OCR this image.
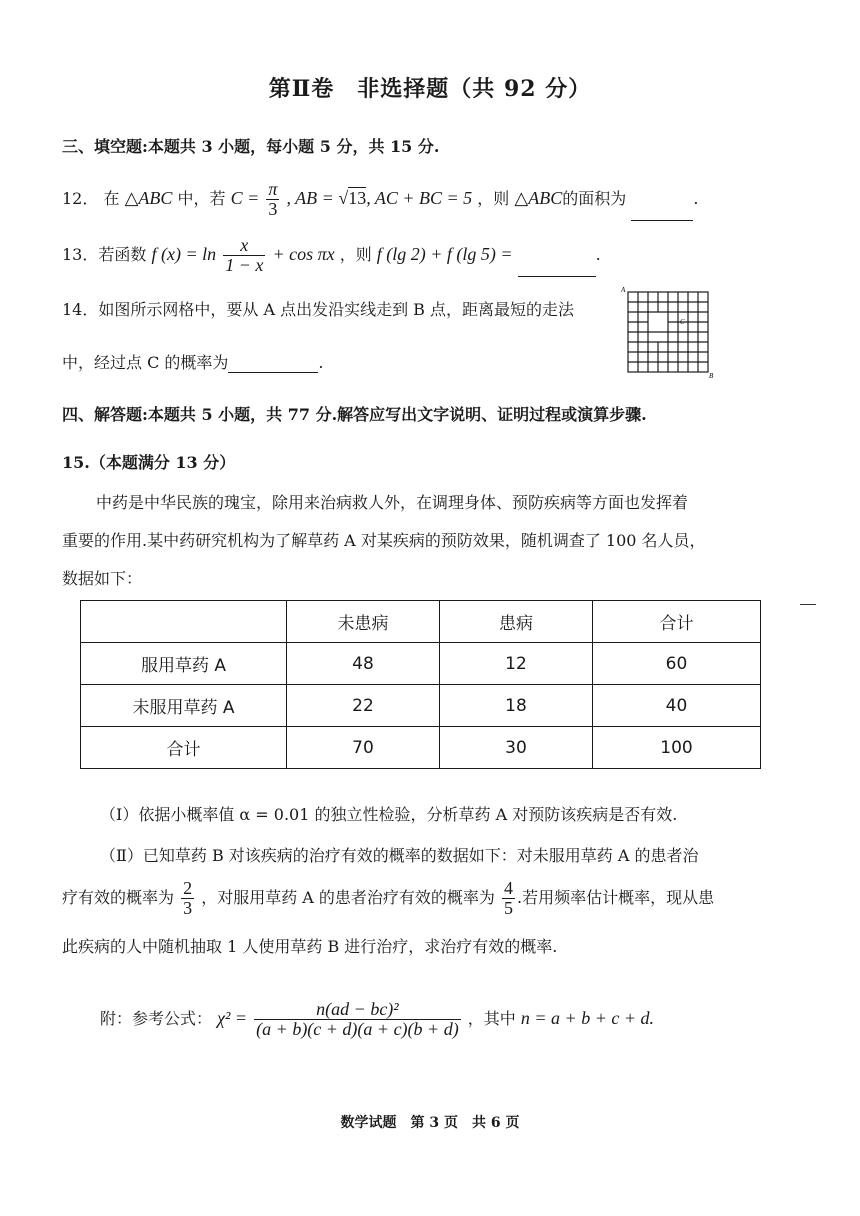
第Ⅱ卷　非选择题（共 92 分）
三、填空题:本题共 3 小题，每小题 5 分，共 15 分.
12． 在 △ABC 中，若 $C = \frac{\pi}{3}$ , AB = √13, AC + BC = 5 ，则 △ABC的面积为	.
13．若函数 f $(x) = \ln \frac{x}{1 - x} + \cos \pi x$ ，则 f (lg 2) + f (lg 5) =	.
14．如图所示网格中，要从 A 点出发沿实线走到 B 点，距离最短的走法
中，经过点 C 的概率为	.
A
C
B
四、解答题:本题共 5 小题，共 77 分.解答应写出文字说明、证明过程或演算步骤.
15.（本题满分 13 分）
中药是中华民族的瑰宝，除用来治病救人外，在调理身体、预防疾病等方面也发挥着
重要的作用.某中药研究机构为了解草药 A 对某疾病的预防效果，随机调查了 100 名人员，
数据如下：
	未患病	患病	合计
服用草药 A	48	12	60
未服用草药 A	22	18	40
合计	70	30	100
（Ⅰ）依据小概率值 α = 0.01 的独立性检验，分析草药 A 对预防该疾病是否有效.
（Ⅱ）已知草药 B 对该疾病的治疗有效的概率的数据如下：对未服用草药 A 的患者治
疗有效的概率为 $\frac{2}{3}$ ，对服用草药 A 的患者治疗有效的概率为 $\frac{4}{5}$ .若用频率估计概率，现从患
此疾病的人中随机抽取 1 人使用草药 B 进行治疗，求治疗有效的概率.
附：参考公式： $\chi^2 = \frac{\text{n(ad − bc)²}}{(a + b)(c + d)(a + c)(b + d)}$ ，其中 n = a + b + c + d.
数学试题　第 3 页　共 6 页
